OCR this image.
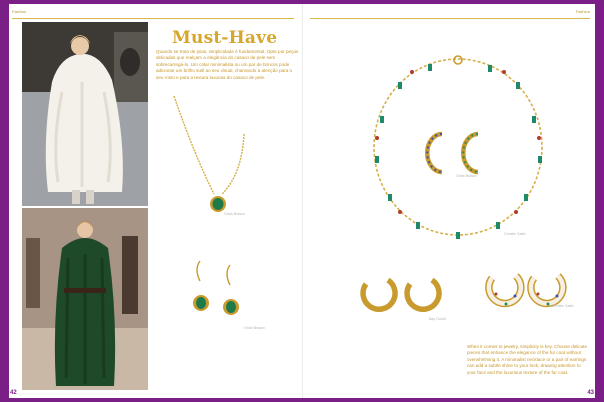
Fashion	Fashion
Must-Have
Quando se trata de joias, simplicidade é fundamental. Opte por peças delicadas que realçam a elegância do casaco de pele sem sobrecarregá-lo. Um colar minimalista ou um par de brincos pode adicionar um brilho sutil ao seu visual, chamando a atenção para o seu rosto e para a textura luxuosa do casaco de pele.
Oriah Brasov
Oriah Brasov
Christie Saint
Oriah Brasov
Bay Gould
Christie Saint
When it comes to jewelry, simplicity is key. Choose delicate pieces that enhance the elegance of the fur coat without overwhelming it. A minimalist necklace or a pair of earrings can add a subtle shine to your look, drawing attention to your face and the luxurious texture of the fur coat.
42	43
